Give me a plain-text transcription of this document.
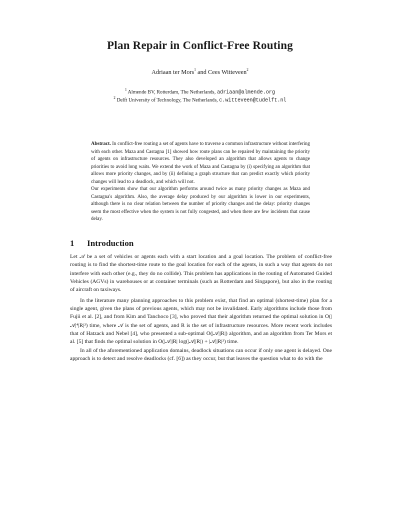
Plan Repair in Conflict-Free Routing
Adriaan ter Mors$^1$ and Cees Witteveen$^2$
$^1$ Almende BV, Rotterdam, The Netherlands, adriaan@almende.org
$^2$ Delft University of Technology, The Netherlands, c.witteveen@tudelft.nl

Abstract. In conflict-free routing a set of agents have to traverse a common infrastructure without interfering with each other. Maza and Castagna [1] showed how route plans can be repaired by maintaining the priority of agents on infrastructure resources. They also developed an algorithm that allows agents to change priorities to avoid long waits. We extend the work of Maza and Castagna by (i) specifying an algorithm that allows more priority changes, and by (ii) defining a graph structure that can predict exactly which priority changes will lead to a deadlock, and which will not.

Our experiments show that our algorithm performs around twice as many priority changes as Maza and Castagna's algorithm. Also, the average delay produced by our algorithm is lower in our experiments, although there is no clear relation between the number of priority changes and the delay: priority changes seem the most effective when the system is not fully congested, and when there are few incidents that cause delay.

1 Introduction

Let 𝒜 be a set of vehicles or agents each with a start location and a goal location. The problem of conflict-free routing is to find the shortest-time route to the goal location for each of the agents, in such a way that agents do not interfere with each other (e.g., they do no collide). This problem has applications in the routing of Automated Guided Vehicles (AGVs) in warehouses or at container terminals (such as Rotterdam and Singapore), but also in the routing of aircraft on taxiways.

In the literature many planning approaches to this problem exist, that find an optimal (shortest-time) plan for a single agent, given the plans of previous agents, which may not be invalidated. Early algorithms include those from Fujii et al. [2], and from Kim and Tanchoco [3], who proved that their algorithm returned the optimal solution in O(|𝒜|⁴|R|²) time, where 𝒜 is the set of agents, and R is the set of infrastructure resources. More recent work includes that of Hatzack and Nebel [4], who presented a sub-optimal O(|𝒜||R|) algorithm, and an algorithm from Ter Mors et al. [5] that finds the optimal solution in O(|𝒜||R| log(|𝒜||R|) + |𝒜||R|²) time.

In all of the aforementioned application domains, deadlock situations can occur if only one agent is delayed. One approach is to detect and resolve deadlocks (cf. [6]) as they occur, but that leaves the question what to do with the
